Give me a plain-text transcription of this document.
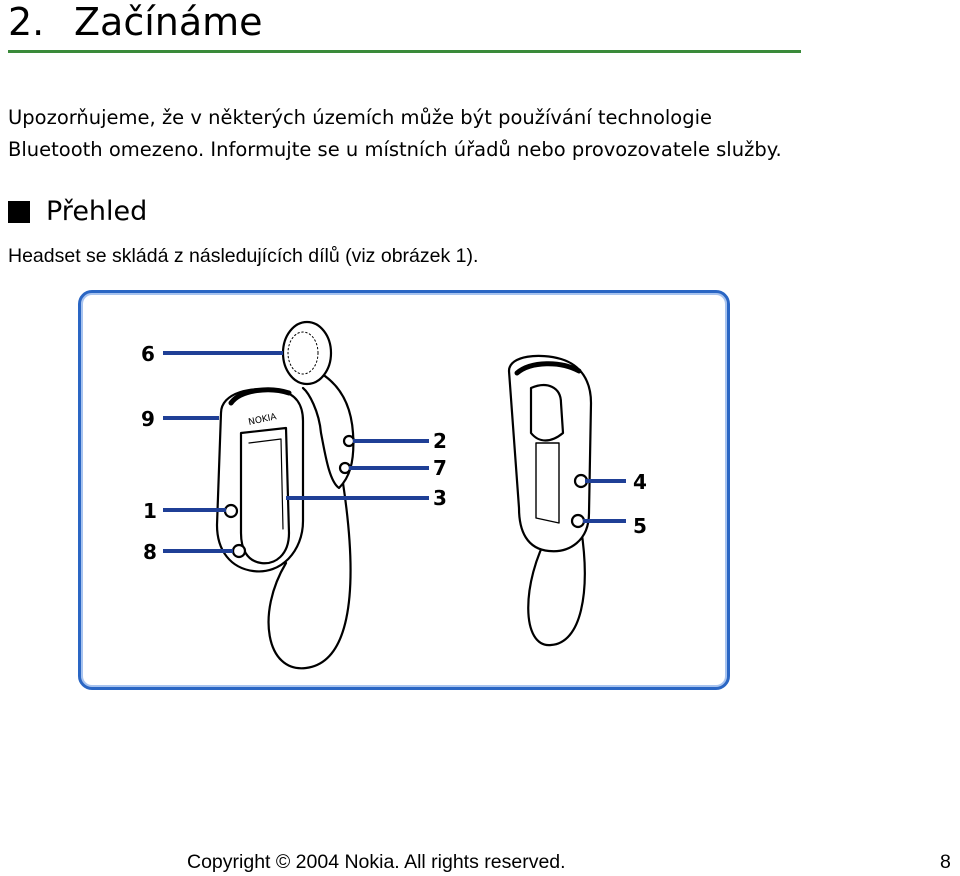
2. Začínáme

Upozorňujeme, že v některých územích může být používání technologie Bluetooth omezeno. Informujte se u místních úřadů nebo provozovatele služby.

Přehled

Headset se skládá z následujících dílů (viz obrázek 1).

NOKIA
6
9
1
8
2
7
3
4
5

Copyright © 2004 Nokia. All rights reserved.	8
